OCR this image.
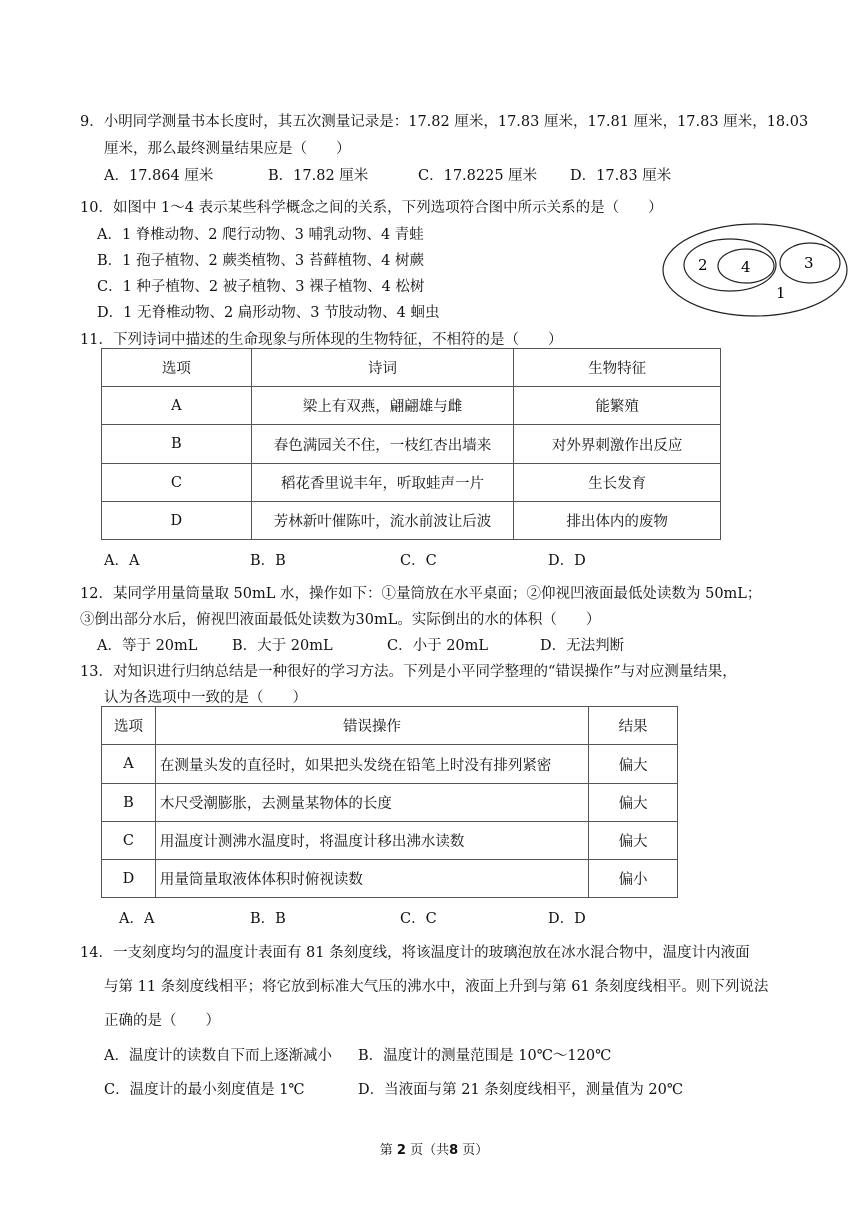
9．小明同学测量书本长度时，其五次测量记录是：17.82 厘米，17.83 厘米，17.81 厘米，17.83 厘米，18.03
厘米，那么最终测量结果应是（　　）
A．17.864 厘米	B．17.82 厘米	C．17.8225 厘米 D．17.83 厘米
10．如图中 1～4 表示某些科学概念之间的关系，下列选项符合图中所示关系的是（　　）
A．1 脊椎动物、2 爬行动物、3 哺乳动物、4 青蛙
B．1 孢子植物、2 蕨类植物、3 苔藓植物、4 树蕨
C．1 种子植物、2 被子植物、3 裸子植物、4 松树
D．1 无脊椎动物、2 扁形动物、3 节肢动物、4 蛔虫
2 4	3
1
11．下列诗词中描述的生命现象与所体现的生物特征，不相符的是（　　）
选项	诗词	生物特征
A	梁上有双燕，翩翩雄与雌	能繁殖
B	春色满园关不住，一枝红杏出墙来	对外界刺激作出反应
C	稻花香里说丰年，听取蛙声一片	生长发育
D	芳林新叶催陈叶，流水前波让后波	排出体内的废物
A．A	B．B	C．C	D．D
12．某同学用量筒量取 50mL 水，操作如下：①量筒放在水平桌面；②仰视凹液面最低处读数为 50mL；
③倒出部分水后，俯视凹液面最低处读数为30mL。实际倒出的水的体积（　　）
A．等于 20mL B．大于 20mL	C．小于 20mL	D．无法判断
13．对知识进行归纳总结是一种很好的学习方法。下列是小平同学整理的“错误操作”与对应测量结果，
认为各选项中一致的是（　　）
选项	错误操作	结果
A	在测量头发的直径时，如果把头发绕在铅笔上时没有排列紧密	偏大
B	木尺受潮膨胀，去测量某物体的长度	偏大
C	用温度计测沸水温度时，将温度计移出沸水读数	偏大
D	用量筒量取液体体积时俯视读数	偏小
A．A	B．B	C．C	D．D
14．一支刻度均匀的温度计表面有 81 条刻度线，将该温度计的玻璃泡放在冰水混合物中，温度计内液面
与第 11 条刻度线相平；将它放到标准大气压的沸水中，液面上升到与第 61 条刻度线相平。则下列说法
正确的是（　　）
A．温度计的读数自下而上逐渐减小 B．温度计的测量范围是 10℃～120℃
C．温度计的最小刻度值是 1℃	D．当液面与第 21 条刻度线相平，测量值为 20℃
第 2 页（共8 页）
